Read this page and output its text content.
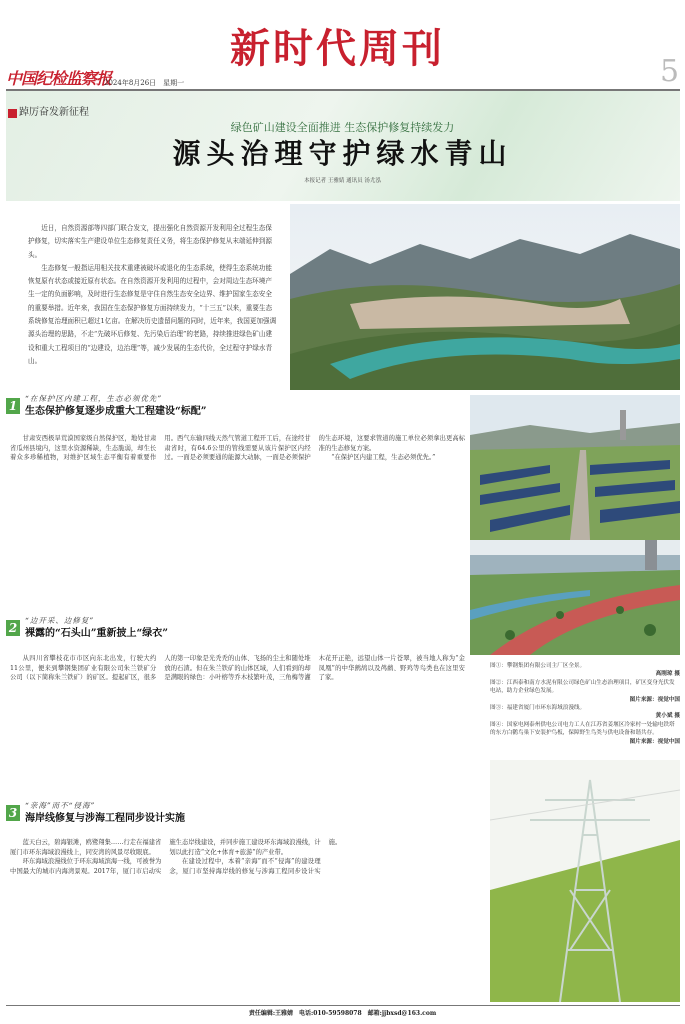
新时代周刊
中国纪检监察报
2024年8月26日　星期一	5
踔厉奋发新征程
绿色矿山建设全面推进 生态保护修复持续发力
源头治理守护绿水青山
本报记者 王雅婧 通讯员 汤尤泓

近日，自然资源部等四部门联合发文，提出强化自然资源开发利用全过程生态保护修复，切实落实生产建设单位生态修复责任义务，将生态保护修复从末端延伸到源头。

生态修复一般指运用相关技术重建被破坏或退化的生态系统，使得生态系统功能恢复原有状态或接近原有状态。在自然资源开发利用的过程中，会对周边生态环境产生一定的负面影响，及时进行生态修复是守住自然生态安全边界、维护国家生态安全的重要举措。近年来，我国在生态保护修复方面持续发力，“十三五”以来，重要生态系统修复治理面积已超过1亿亩。在解决历史遗留问题的同时，近年来，我国更加强调源头治理的思路，不走“先破坏后修复、先污染后治理”的老路，持续推进绿色矿山建设和重大工程项目的“边建设，边治理”等，减少发展的生态代价，全过程守护绿水青山。

1
“在保护区内建工程，生态必须优先”
生态保护修复逐步成重大工程建设“标配”

甘肃安西极旱荒漠国家级自然保护区，地处甘肃省瓜州县境内，这里水资源稀缺，生态脆弱，却生长着众多珍稀植物，对维护区域生态平衡有着重要作用。西气东输四线天然气管道工程开工后，在途经甘肃省时，有64.6公里的管线需要从该片保护区内经过。一面是必须要通的能源大动脉，一面是必须保护的生态环境，这要求管道的施工单位必须拿出更高标准的生态修复方案。

“在保护区内建工程，生态必须优先。”

2
“边开采、边修复”
裸露的“石头山”重新披上“绿衣”

从四川省攀枝花市市区向东北出发，行驶大约11公里，便来到攀钢集团矿业有限公司朱兰铁矿分公司（以下简称朱兰铁矿）的矿区。提起矿区，很多人的第一印象是光秃秃的山体、飞扬的尘土和随处堆放的石渣。但在朱兰铁矿的山体区域，人们看到的却是满眼的绿色：小叶榕等乔木枝繁叶茂，三角梅等灌木花开正艳，远望山体一片苍翠，被当地人称为“金凤凰”的中华鹧鸪以及鸬鹚、野鸡等鸟类也在这里安了家。

图①：攀钢集团有限公司主厂区全景。
高刚琼 摄
图②：江西泰和南方水泥有限公司绿色矿山生态治理项目，矿区变身光伏发电站，助力企业绿色发展。
图片来源：视觉中国
图③：福建省厦门市环东海域浪漫线。
黄小斌 摄
图④：国家电网泰州供电公司电力工人在江苏省姜堰区冷家村一处输电铁塔的东方白鹳鸟巢下安装护鸟板，保障野生鸟类与供电设备和谐共存。
图片来源：视觉中国
3
“亲海”而不“侵海”
海岸线修复与涉海工程同步设计实施

蓝天白云，碧海银滩，鸥鹭翔集……行走在福建省厦门市环东海域浪漫线上，同安湾的风景尽收眼底。

环东海域浪漫线位于环东海域滨海一线，可被誉为中国最大的城市内海湾景观。2017年，厦门市启动实施生态岸线建设，并同步施工建设环东海域浪漫线，计划以此打造“文化+体育+旅游”的产业带。

在建设过程中，本着“亲海”而不“侵海”的建设理念，厦门市坚持海岸线的修复与涉海工程同步设计实施。

责任编辑:王雅婧　电话:010-59598078　邮箱:jjbxsd@163.com
